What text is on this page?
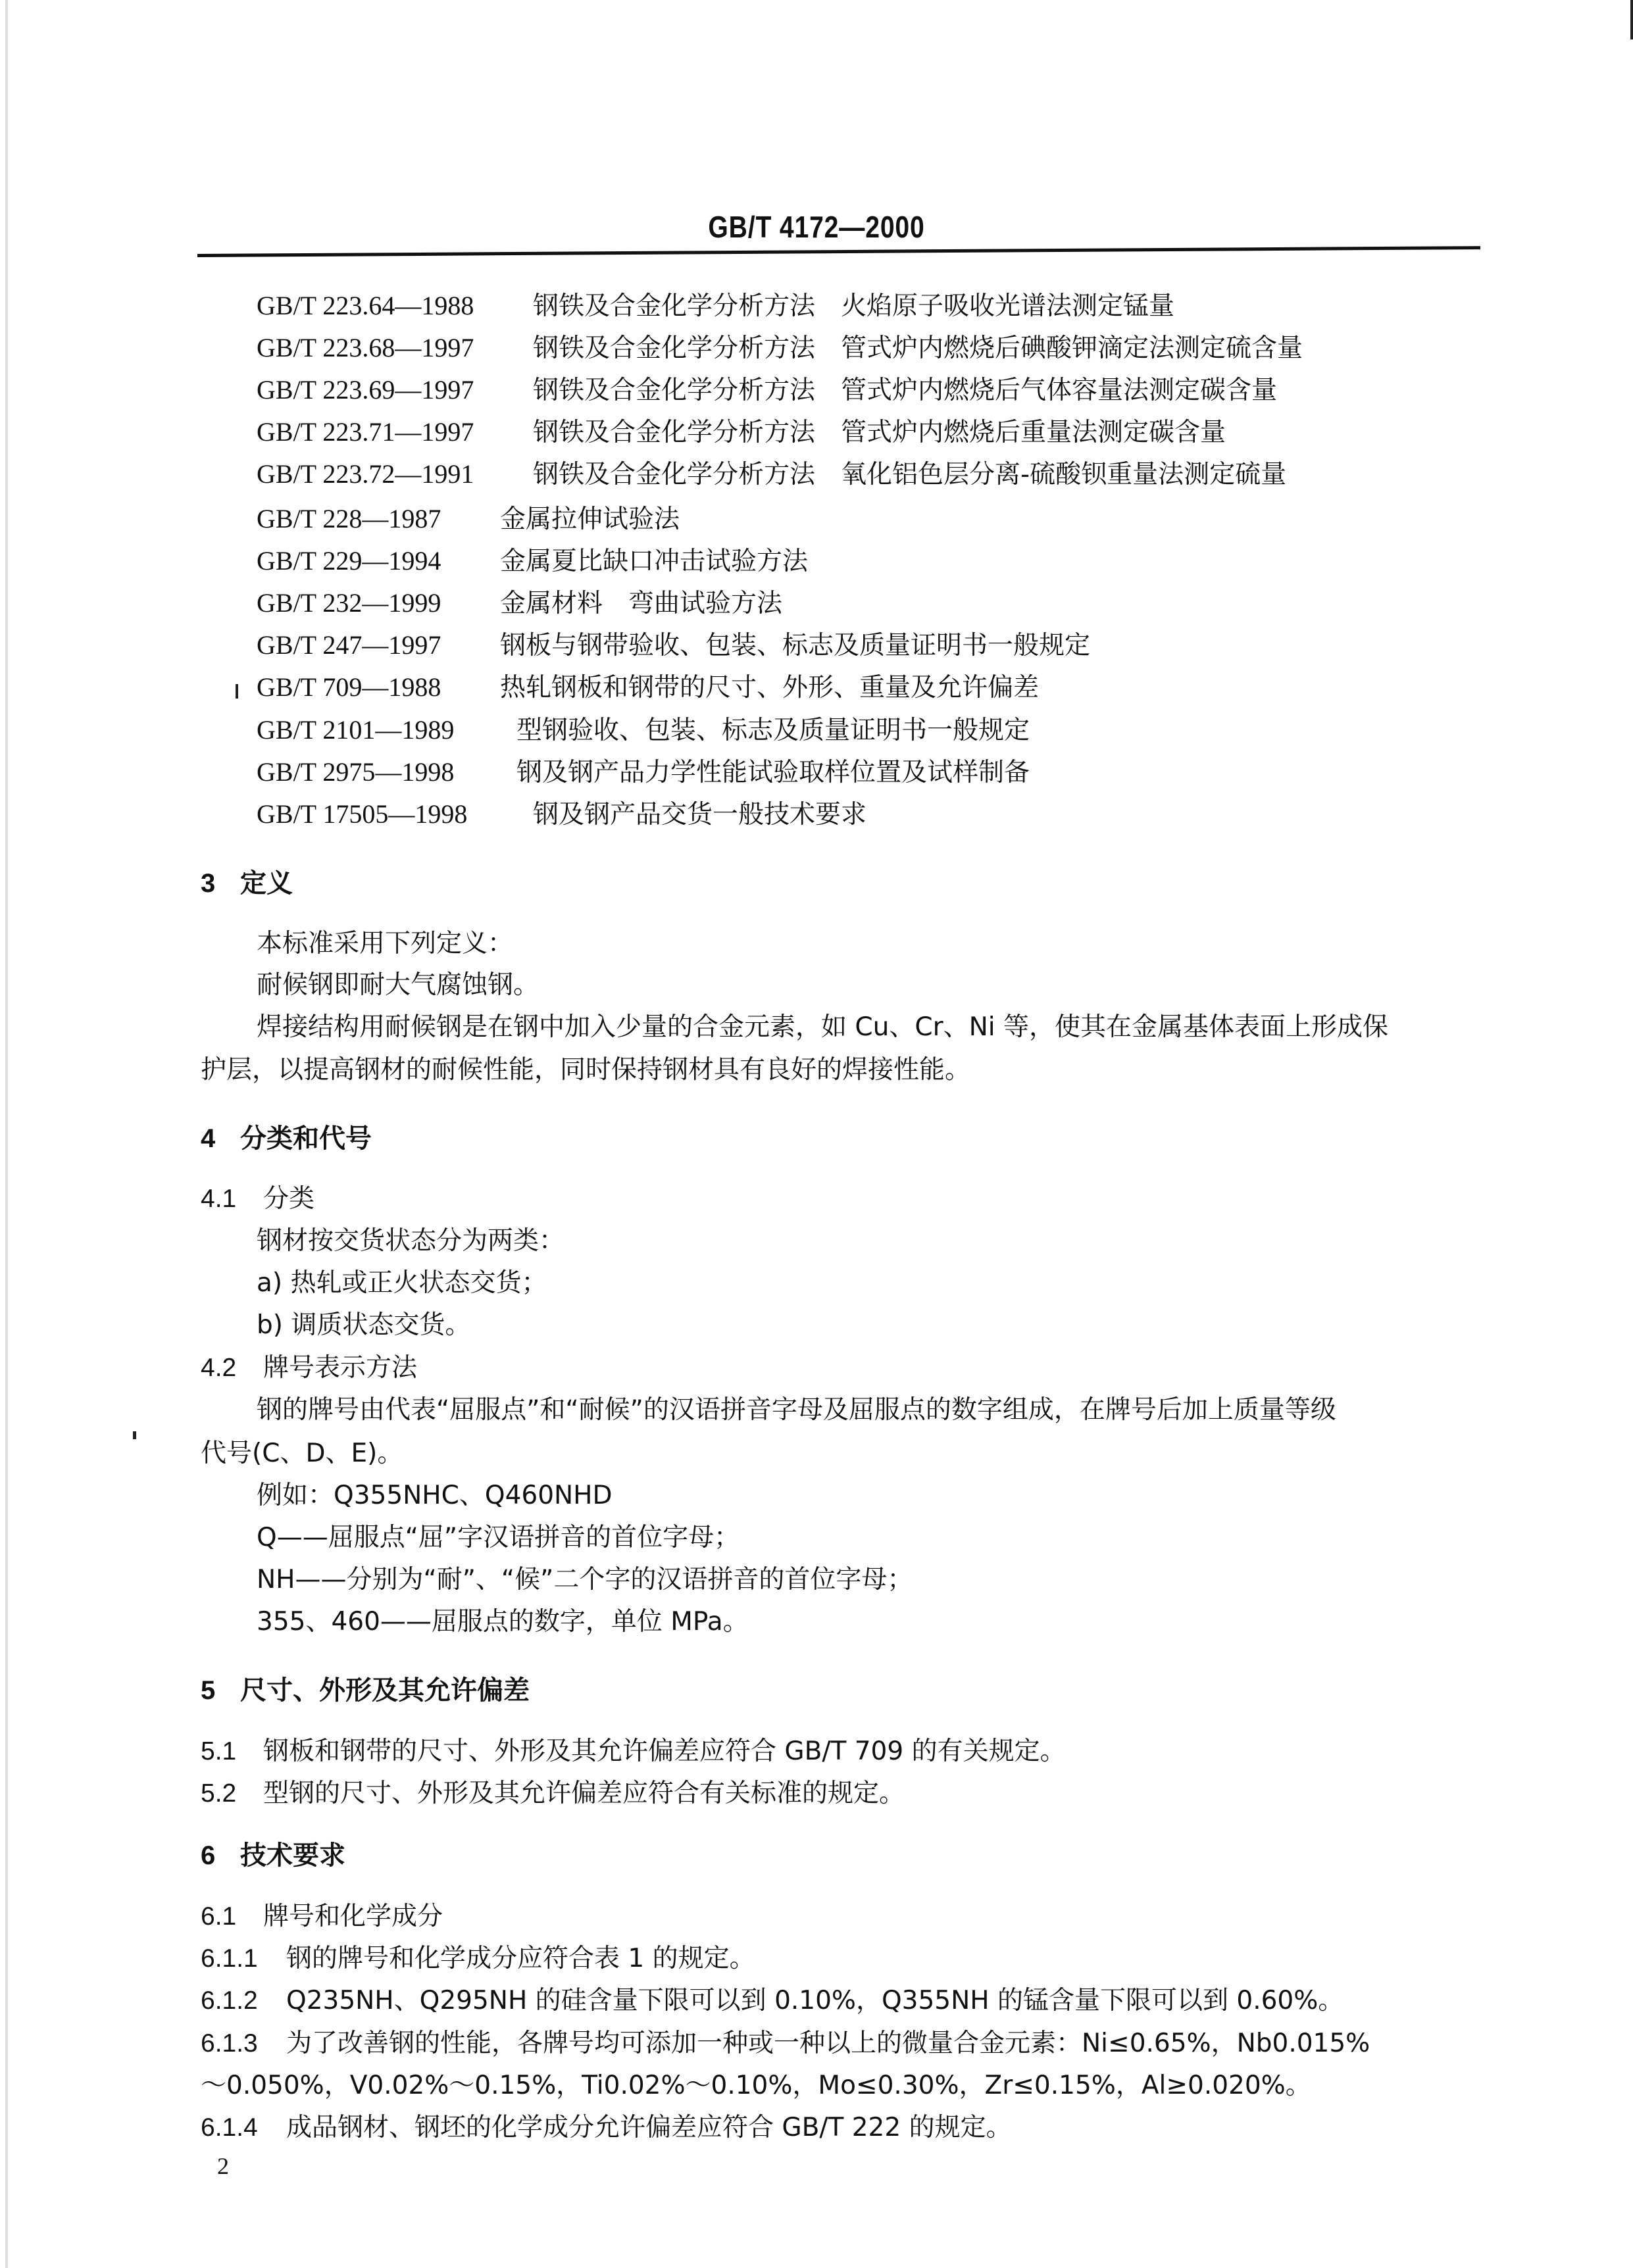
GB/T 4172—2000
GB/T 223.64—1988 钢铁及合金化学分析方法　火焰原子吸收光谱法测定锰量
GB/T 223.68—1997 钢铁及合金化学分析方法　管式炉内燃烧后碘酸钾滴定法测定硫含量
GB/T 223.69—1997 钢铁及合金化学分析方法　管式炉内燃烧后气体容量法测定碳含量
GB/T 223.71—1997 钢铁及合金化学分析方法　管式炉内燃烧后重量法测定碳含量
GB/T 223.72—1991 钢铁及合金化学分析方法　氧化铝色层分离-硫酸钡重量法测定硫量
GB/T 228—1987 金属拉伸试验法
GB/T 229—1994 金属夏比缺口冲击试验方法
GB/T 232—1999 金属材料　弯曲试验方法
GB/T 247—1997 钢板与钢带验收、包装、标志及质量证明书一般规定
GB/T 709—1988 热轧钢板和钢带的尺寸、外形、重量及允许偏差
GB/T 2101—1989 型钢验收、包装、标志及质量证明书一般规定
GB/T 2975—1998 钢及钢产品力学性能试验取样位置及试样制备
GB/T 17505—1998	钢及钢产品交货一般技术要求
3 定义
本标准采用下列定义：
耐候钢即耐大气腐蚀钢。
焊接结构用耐候钢是在钢中加入少量的合金元素，如 Cu、Cr、Ni 等，使其在金属基体表面上形成保
护层，以提高钢材的耐候性能，同时保持钢材具有良好的焊接性能。
4 分类和代号
4.1 分类
钢材按交货状态分为两类：
a) 热轧或正火状态交货；
b) 调质状态交货。
4.2 牌号表示方法
钢的牌号由代表“屈服点”和“耐候”的汉语拼音字母及屈服点的数字组成，在牌号后加上质量等级
代号(C、D、E)。
例如：Q355NHC、Q460NHD
Q——屈服点“屈”字汉语拼音的首位字母；
NH——分别为“耐”、“候”二个字的汉语拼音的首位字母；
355、460——屈服点的数字，单位 MPa。
5 尺寸、外形及其允许偏差
5.1 钢板和钢带的尺寸、外形及其允许偏差应符合 GB/T 709 的有关规定。
5.2 型钢的尺寸、外形及其允许偏差应符合有关标准的规定。
6 技术要求
6.1 牌号和化学成分
6.1.1 钢的牌号和化学成分应符合表 1 的规定。
6.1.2 Q235NH、Q295NH 的硅含量下限可以到 0.10%，Q355NH 的锰含量下限可以到 0.60%。
6.1.3 为了改善钢的性能，各牌号均可添加一种或一种以上的微量合金元素：Ni≤0.65%，Nb0.015%
～0.050%，V0.02%～0.15%，Ti0.02%～0.10%，Mo≤0.30%，Zr≤0.15%，Al≥0.020%。
6.1.4 成品钢材、钢坯的化学成分允许偏差应符合 GB/T 222 的规定。
2
